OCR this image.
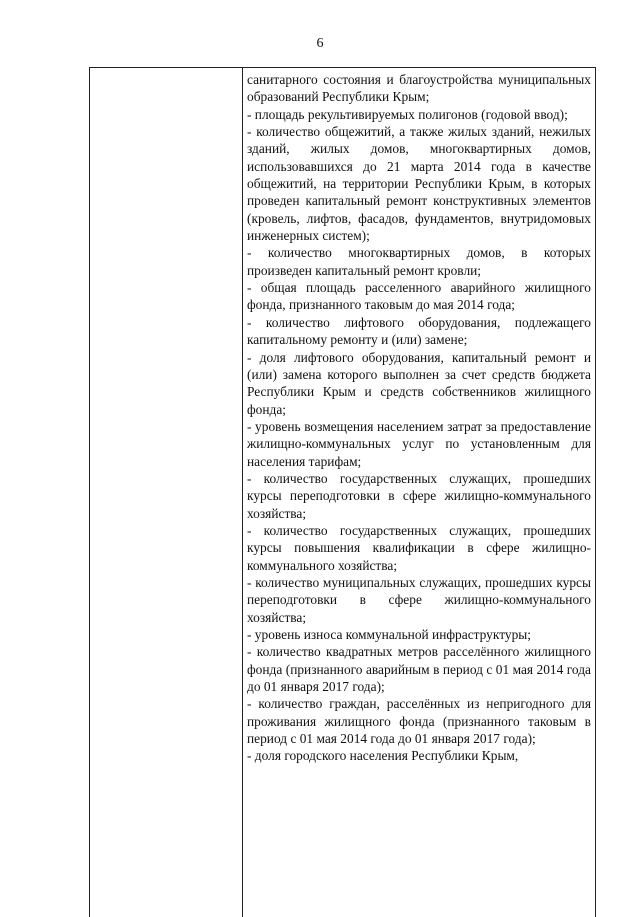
6

санитарного состояния и благоустройства муниципальных образований Республики Крым;

- площадь рекультивируемых полигонов (годовой ввод);

- количество общежитий, а также жилых зданий, нежилых зданий, жилых домов, многоквартирных домов, использовавшихся до 21 марта 2014 года в качестве общежитий, на территории Республики Крым, в которых проведен капитальный ремонт конструктивных элементов (кровель, лифтов, фасадов, фундаментов, внутридомовых инженерных систем);

- количество многоквартирных домов, в которых произведен капитальный ремонт кровли;

- общая площадь расселенного аварийного жилищного фонда, признанного таковым до мая 2014 года;

- количество лифтового оборудования, подлежащего капитальному ремонту и (или) замене;

- доля лифтового оборудования, капитальный ремонт и (или) замена которого выполнен за счет средств бюджета Республики Крым и средств собственников жилищного фонда;

- уровень возмещения населением затрат за предоставление жилищно-коммунальных услуг по установленным для населения тарифам;

- количество государственных служащих, прошедших курсы переподготовки в сфере жилищно-коммунального хозяйства;

- количество государственных служащих, прошедших курсы повышения квалификации в сфере жилищно-коммунального хозяйства;

- количество муниципальных служащих, прошедших курсы переподготовки в сфере жилищно-коммунального хозяйства;

- уровень износа коммунальной инфраструктуры;

- количество квадратных метров расселённого жилищного фонда (признанного аварийным в период с 01 мая 2014 года до 01 января 2017 года);

- количество граждан, расселённых из непригодного для проживания жилищного фонда (признанного таковым в период с 01 мая 2014 года до 01 января 2017 года);

- доля городского населения Республики Крым,
